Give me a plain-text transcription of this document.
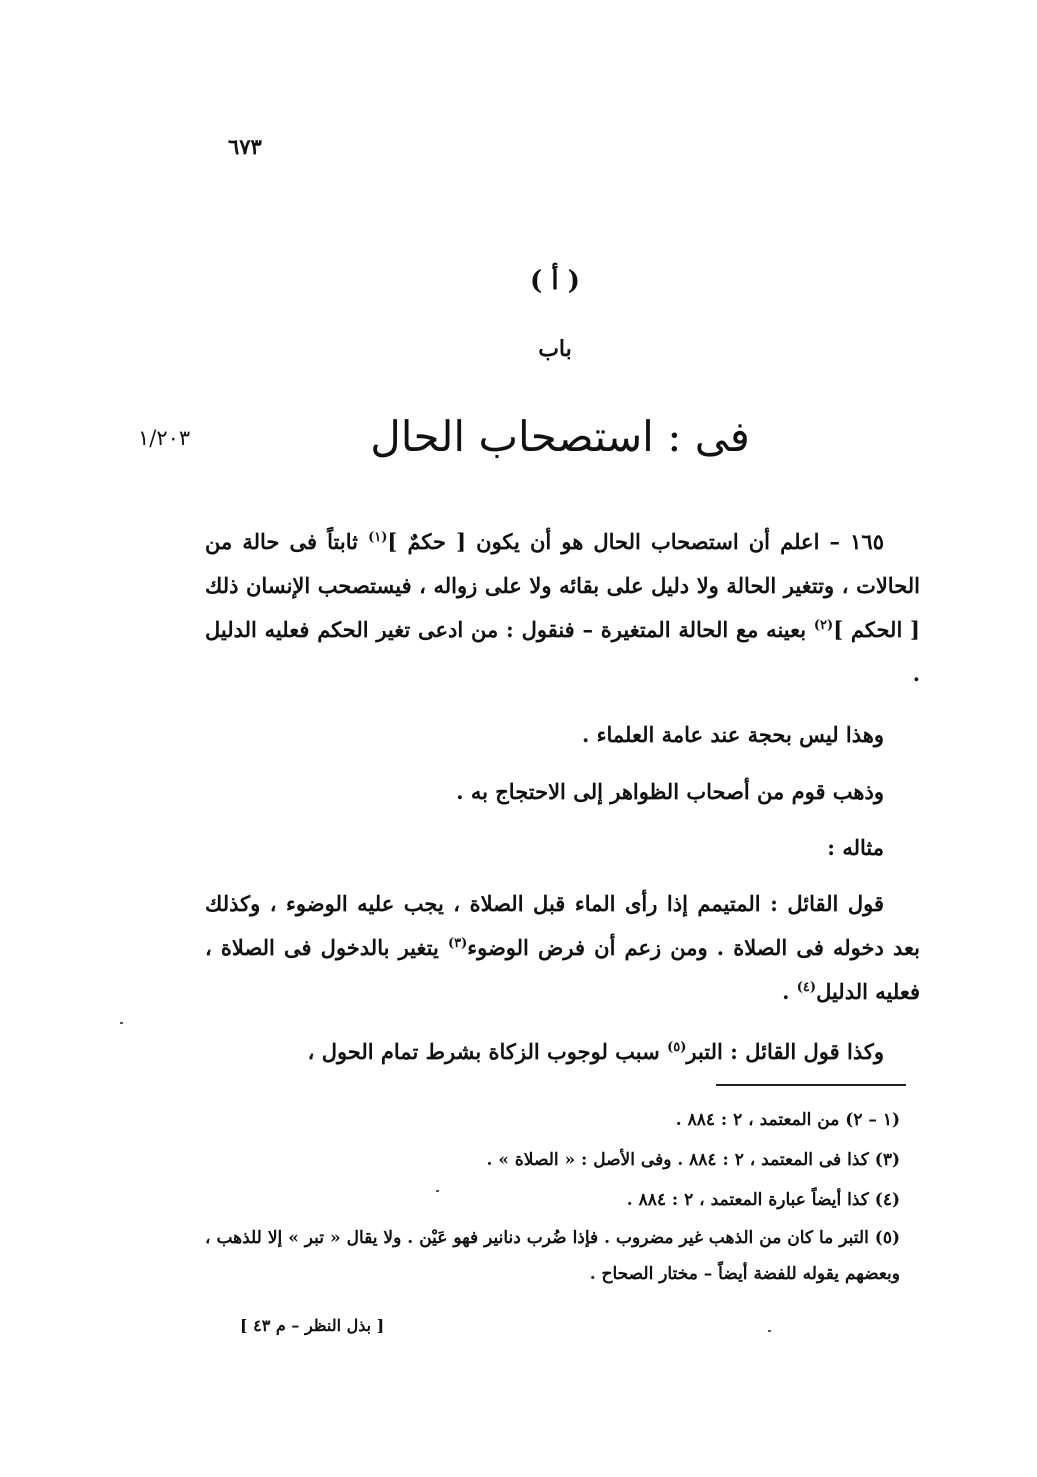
٦٧٣
( أ )
باب
فى : استصحاب الحال
١/٢٠٣

١٦٥ – اعلم أن استصحاب الحال هو أن يكون [ حكمٌ ]$^{(١)}$ ثابتاً فى حالة من الحالات ، وتتغير الحالة ولا دليل على بقائه ولا على زواله ، فيستصحب الإنسان ذلك [ الحكم ]$^{(٢)}$ بعينه مع الحالة المتغيرة – فنقول : من ادعى تغير الحكم فعليه الدليل .

وهذا ليس بحجة عند عامة العلماء .

وذهب قوم من أصحاب الظواهر إلى الاحتجاج به .

مثاله :

قول القائل : المتيمم إذا رأى الماء قبل الصلاة ، يجب عليه الوضوء ، وكذلك بعد دخوله فى الصلاة . ومن زعم أن فرض الوضوء$^{(٣)}$ يتغير بالدخول فى الصلاة ، فعليه الدليل$^{(٤)}$ .

وكذا قول القائل : التبر$^{(٥)}$ سبب لوجوب الزكاة بشرط تمام الحول ،

(١ – ٢) من المعتمد ، ٢ : ٨٨٤ .

(٣) كذا فى المعتمد ، ٢ : ٨٨٤ . وفى الأصل : « الصلاة » .

(٤) كذا أيضاً عبارة المعتمد ، ٢ : ٨٨٤ .

(٥) التبر ما كان من الذهب غير مضروب . فإذا ضُرب دنانير فهو عَيْن . ولا يقال « تبر » إلا للذهب ، وبعضهم يقوله للفضة أيضاً – مختار الصحاح .

[ بذل النظر – م ٤٣ ]
